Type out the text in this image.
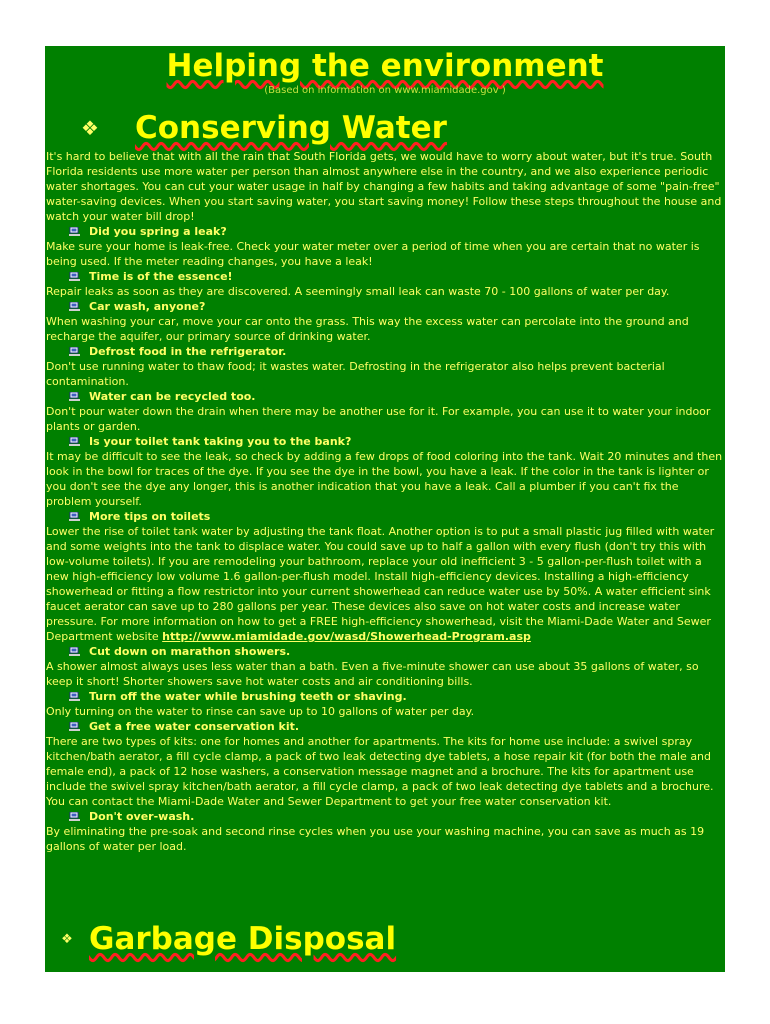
Helping the environment
(Based on information on www.miamidade.gov )
❖	Conserving Water

It's hard to believe that with all the rain that South Florida gets, we would have to worry about water, but it's true. South Florida residents use more water per person than almost anywhere else in the country, and we also experience periodic water shortages. You can cut your water usage in half by changing a few habits and taking advantage of some "pain-free" water-saving devices. When you start saving water, you start saving money! Follow these steps throughout the house and watch your water bill drop!

Did you spring a leak?

Make sure your home is leak-free. Check your water meter over a period of time when you are certain that no water is being used. If the meter reading changes, you have a leak!

Time is of the essence!

Repair leaks as soon as they are discovered. A seemingly small leak can waste 70 - 100 gallons of water per day.

Car wash, anyone?

When washing your car, move your car onto the grass. This way the excess water can percolate into the ground and recharge the aquifer, our primary source of drinking water.

Defrost food in the refrigerator.

Don't use running water to thaw food; it wastes water. Defrosting in the refrigerator also helps prevent bacterial contamination.

Water can be recycled too.

Don't pour water down the drain when there may be another use for it. For example, you can use it to water your indoor plants or garden.

Is your toilet tank taking you to the bank?

It may be difficult to see the leak, so check by adding a few drops of food coloring into the tank. Wait 20 minutes and then look in the bowl for traces of the dye. If you see the dye in the bowl, you have a leak. If the color in the tank is lighter or you don't see the dye any longer, this is another indication that you have a leak. Call a plumber if you can't fix the problem yourself.

More tips on toilets

Lower the rise of toilet tank water by adjusting the tank float. Another option is to put a small plastic jug filled with water and some weights into the tank to displace water. You could save up to half a gallon with every flush (don't try this with low-volume toilets). If you are remodeling your bathroom, replace your old inefficient 3 - 5 gallon-per-flush toilet with a new high-efficiency low volume 1.6 gallon-per-flush model. Install high-efficiency devices. Installing a high-efficiency showerhead or fitting a flow restrictor into your current showerhead can reduce water use by 50%. A water efficient sink faucet aerator can save up to 280 gallons per year. These devices also save on hot water costs and increase water pressure. For more information on how to get a FREE high-efficiency showerhead, visit the Miami-Dade Water and Sewer Department website http://www.miamidade.gov/wasd/Showerhead-Program.asp

Cut down on marathon showers.

A shower almost always uses less water than a bath. Even a five-minute shower can use about 35 gallons of water, so keep it short! Shorter showers save hot water costs and air conditioning bills.

Turn off the water while brushing teeth or shaving.

Only turning on the water to rinse can save up to 10 gallons of water per day.

Get a free water conservation kit.

There are two types of kits: one for homes and another for apartments. The kits for home use include: a swivel spray kitchen/bath aerator, a fill cycle clamp, a pack of two leak detecting dye tablets, a hose repair kit (for both the male and female end), a pack of 12 hose washers, a conservation message magnet and a brochure. The kits for apartment use include the swivel spray kitchen/bath aerator, a fill cycle clamp, a pack of two leak detecting dye tablets and a brochure. You can contact the Miami-Dade Water and Sewer Department to get your free water conservation kit.

Don't over-wash.

By eliminating the pre-soak and second rinse cycles when you use your washing machine, you can save as much as 19 gallons of water per load.

❖ Garbage Disposal
